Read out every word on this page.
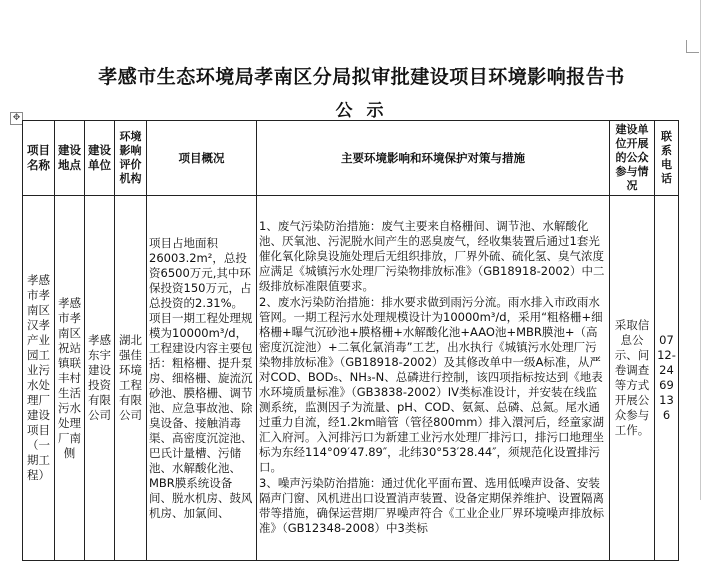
孝感市生态环境局孝南区分局拟审批建设项目环境影响报告书
公 示
✥
项目名称	建设地点	建设单位	环境影响评价机构	项目概况	主要环境影响和环境保护对策与措施	建设单位开展的公众参与情况	联系电话
孝感市孝南区汉孝产业园工业污水处理厂建设项目（一期工程）	孝感市孝南区祝站镇联丰村生活污水处理厂南侧	孝感东宇建设投资有限公司	湖北强佳环境工程有限公司	项目占地面积26003.2m²，总投资6500万元,其中环保投资150万元，占总投资的2.31%。项目一期工程处理规模为10000m³/d，工程建设内容主要包括：粗格栅、提升泵房、细格栅、旋流沉砂池、膜格栅、调节池、应急事故池、除臭设备、接触消毒渠、高密度沉淀池、巴氏计量槽、污储池、水解酸化池、MBR膜系统设备间、脱水机房、鼓风机房、加氯间、	1、废气污染防治措施：废气主要来自格栅间、调节池、水解酸化池、厌氧池、污泥脱水间产生的恶臭废气，经收集装置后通过1套光催化氧化除臭设施处理后无组织排放，厂界外硫、硫化氢、臭气浓度应满足《城镇污水处理厂污染物排放标准》（GB18918-2002）中二级排放标准限值要求。

2、废水污染防治措施：排水要求做到雨污分流。雨水排入市政雨水管网。一期工程污水处理规模设计为10000m³/d，采用“粗格栅+细格栅+曝气沉砂池+膜格栅+水解酸化池+AAO池+MBR膜池+（高密度沉淀池）+二氧化氯消毒”工艺，出水执行《城镇污水处理厂污染物排放标准》（GB18918-2002）及其修改单中一级A标准，从严对COD、BOD₅、NH₃-N、总磷进行控制，该四项指标按达到《地表水环境质量标准》（GB3838-2002）IV类标准设计，并安装在线监测系统，监测因子为流量、pH、COD、氨氮、总磷、总氮。尾水通过重力自流，经1.2km暗管（管径800mm）排入澴河后，经童家湖汇入府河。入河排污口为新建工业污水处理厂排污口，排污口地理坐标为东经114°09′47.89″，北纬30°53′28.44″，须规范化设置排污口。

3、噪声污染防治措施：通过优化平面布置、选用低噪声设备、安装隔声门窗、风机进出口设置消声装置、设备定期保养维护、设置隔离带等措施，确保运营期厂界噪声符合《工业企业厂界环境噪声排放标准》（GB12348-2008）中3类标	采取信息公示、问卷调查等方式开展公众参与工作。	0712-2469136
